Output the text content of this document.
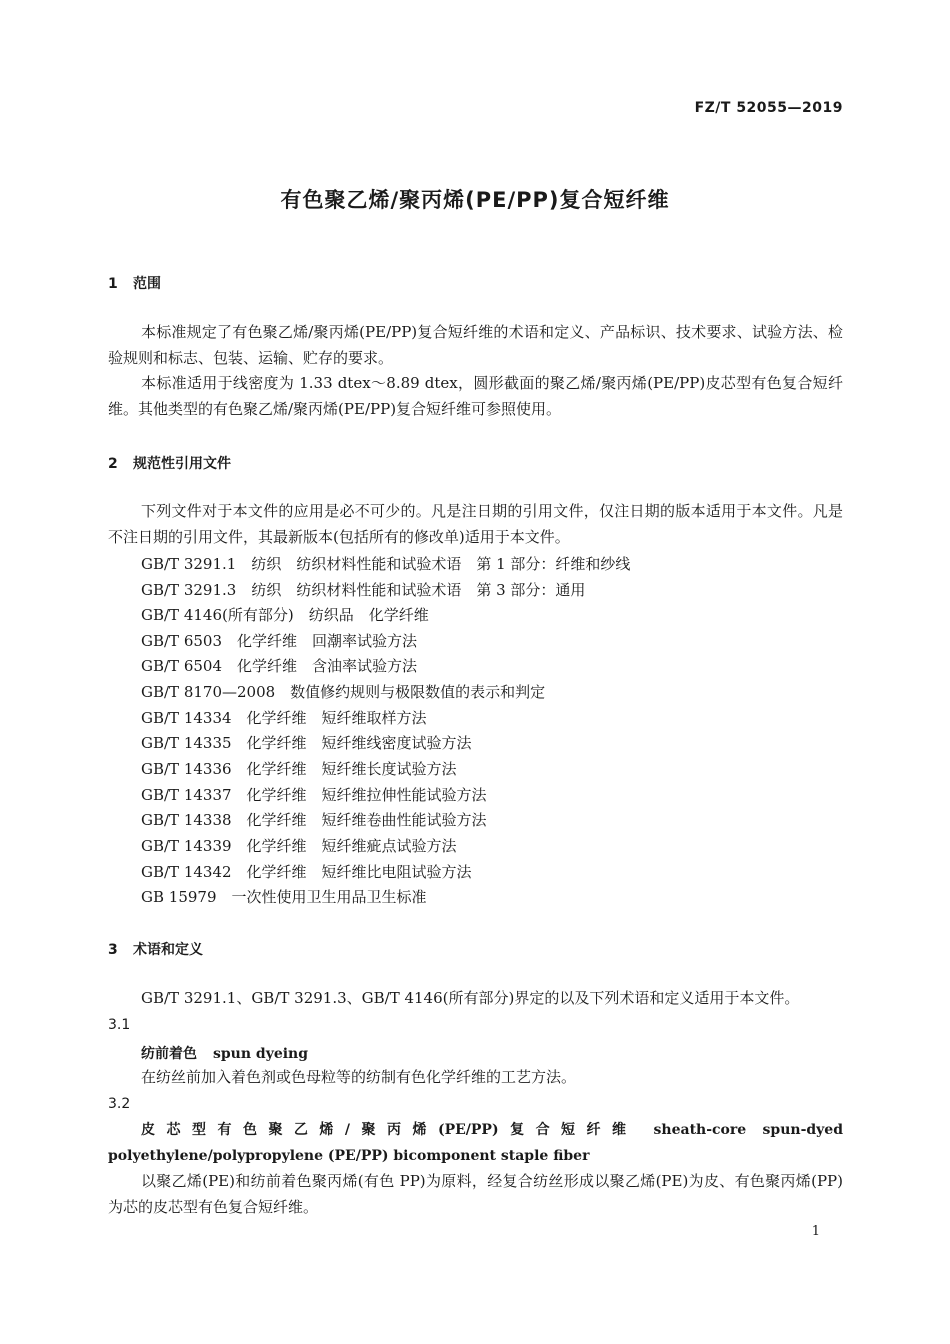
FZ/T 52055—2019
有色聚乙烯/聚丙烯(PE/PP)复合短纤维
1 范围
本标准规定了有色聚乙烯/聚丙烯(PE/PP)复合短纤维的术语和定义、产品标识、技术要求、试验方法、检验规则和标志、包装、运输、贮存的要求。
本标准适用于线密度为 1.33 dtex～8.89 dtex，圆形截面的聚乙烯/聚丙烯(PE/PP)皮芯型有色复合短纤维。其他类型的有色聚乙烯/聚丙烯(PE/PP)复合短纤维可参照使用。
2 规范性引用文件
下列文件对于本文件的应用是必不可少的。凡是注日期的引用文件，仅注日期的版本适用于本文件。凡是不注日期的引用文件，其最新版本(包括所有的修改单)适用于本文件。
GB/T 3291.1　纺织　纺织材料性能和试验术语　第 1 部分：纤维和纱线
GB/T 3291.3　纺织　纺织材料性能和试验术语　第 3 部分：通用
GB/T 4146(所有部分)　纺织品　化学纤维
GB/T 6503　化学纤维　回潮率试验方法
GB/T 6504　化学纤维　含油率试验方法
GB/T 8170—2008　数值修约规则与极限数值的表示和判定
GB/T 14334　化学纤维　短纤维取样方法
GB/T 14335　化学纤维　短纤维线密度试验方法
GB/T 14336　化学纤维　短纤维长度试验方法
GB/T 14337　化学纤维　短纤维拉伸性能试验方法
GB/T 14338　化学纤维　短纤维卷曲性能试验方法
GB/T 14339　化学纤维　短纤维疵点试验方法
GB/T 14342　化学纤维　短纤维比电阻试验方法
GB 15979　一次性使用卫生用品卫生标准
3 术语和定义
GB/T 3291.1、GB/T 3291.3、GB/T 4146(所有部分)界定的以及下列术语和定义适用于本文件。
3.1
纺前着色 spun dyeing
在纺丝前加入着色剂或色母粒等的纺制有色化学纤维的工艺方法。
3.2
皮芯型有色聚乙烯/聚丙烯(PE/PP)复合短纤维 sheath-core spun-dyed polyethylene/polypropylene (PE/PP) bicomponent staple fiber
以聚乙烯(PE)和纺前着色聚丙烯(有色 PP)为原料，经复合纺丝形成以聚乙烯(PE)为皮、有色聚丙烯(PP)为芯的皮芯型有色复合短纤维。
1
